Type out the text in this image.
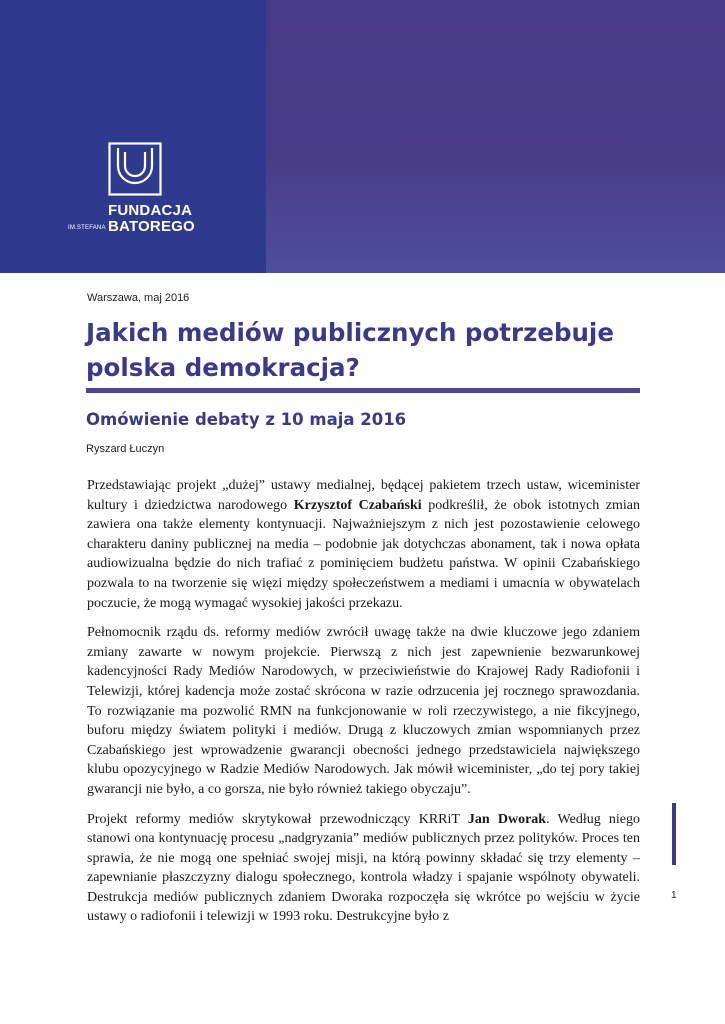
FUNDACJA
IM.STEFANA BATOREGO
Warszawa, maj 2016
Jakich mediów publicznych potrzebuje polska demokracja?
Omówienie debaty z 10 maja 2016
Ryszard Łuczyn

Przedstawiając projekt „dużej” ustawy medialnej, będącej pakietem trzech ustaw, wiceminister kultury i dziedzictwa narodowego Krzysztof Czabański podkreślił, że obok istotnych zmian zawiera ona także elementy kontynuacji. Najważniejszym z nich jest pozostawienie celowego charakteru daniny publicznej na media – podobnie jak dotychczas abonament, tak i nowa opłata audiowizualna będzie do nich trafiać z pominięciem budżetu państwa. W opinii Czabańskiego pozwala to na tworzenie się więzi między społeczeństwem a mediami i umacnia w obywatelach poczucie, że mogą wymagać wysokiej jakości przekazu.

Pełnomocnik rządu ds. reformy mediów zwrócił uwagę także na dwie kluczowe jego zdaniem zmiany zawarte w nowym projekcie. Pierwszą z nich jest zapewnienie bezwarunkowej kadencyjności Rady Mediów Narodowych, w przeciwieństwie do Krajowej Rady Radiofonii i Telewizji, której kadencja może zostać skrócona w razie odrzucenia jej rocznego sprawozdania. To rozwiązanie ma pozwolić RMN na funkcjonowanie w roli rzeczywistego, a nie fikcyjnego, buforu między światem polityki i mediów. Drugą z kluczowych zmian wspomnianych przez Czabańskiego jest wprowadzenie gwarancji obecności jednego przedstawiciela największego klubu opozycyjnego w Radzie Mediów Narodowych. Jak mówił wiceminister, „do tej pory takiej gwarancji nie było, a co gorsza, nie było również takiego obyczaju”.

Projekt reformy mediów skrytykował przewodniczący KRRiT Jan Dworak. Według niego stanowi ona kontynuację procesu „nadgryzania” mediów publicznych przez polityków. Proces ten sprawia, że nie mogą one spełniać swojej misji, na którą powinny składać się trzy elementy – zapewnianie płaszczyzny dialogu społecznego, kontrola władzy i spajanie wspólnoty obywateli. Destrukcja mediów publicznych zdaniem Dworaka rozpoczęła się wkrótce po wejściu w życie ustawy o radiofonii i telewizji w 1993 roku. Destrukcyjne było z

1
